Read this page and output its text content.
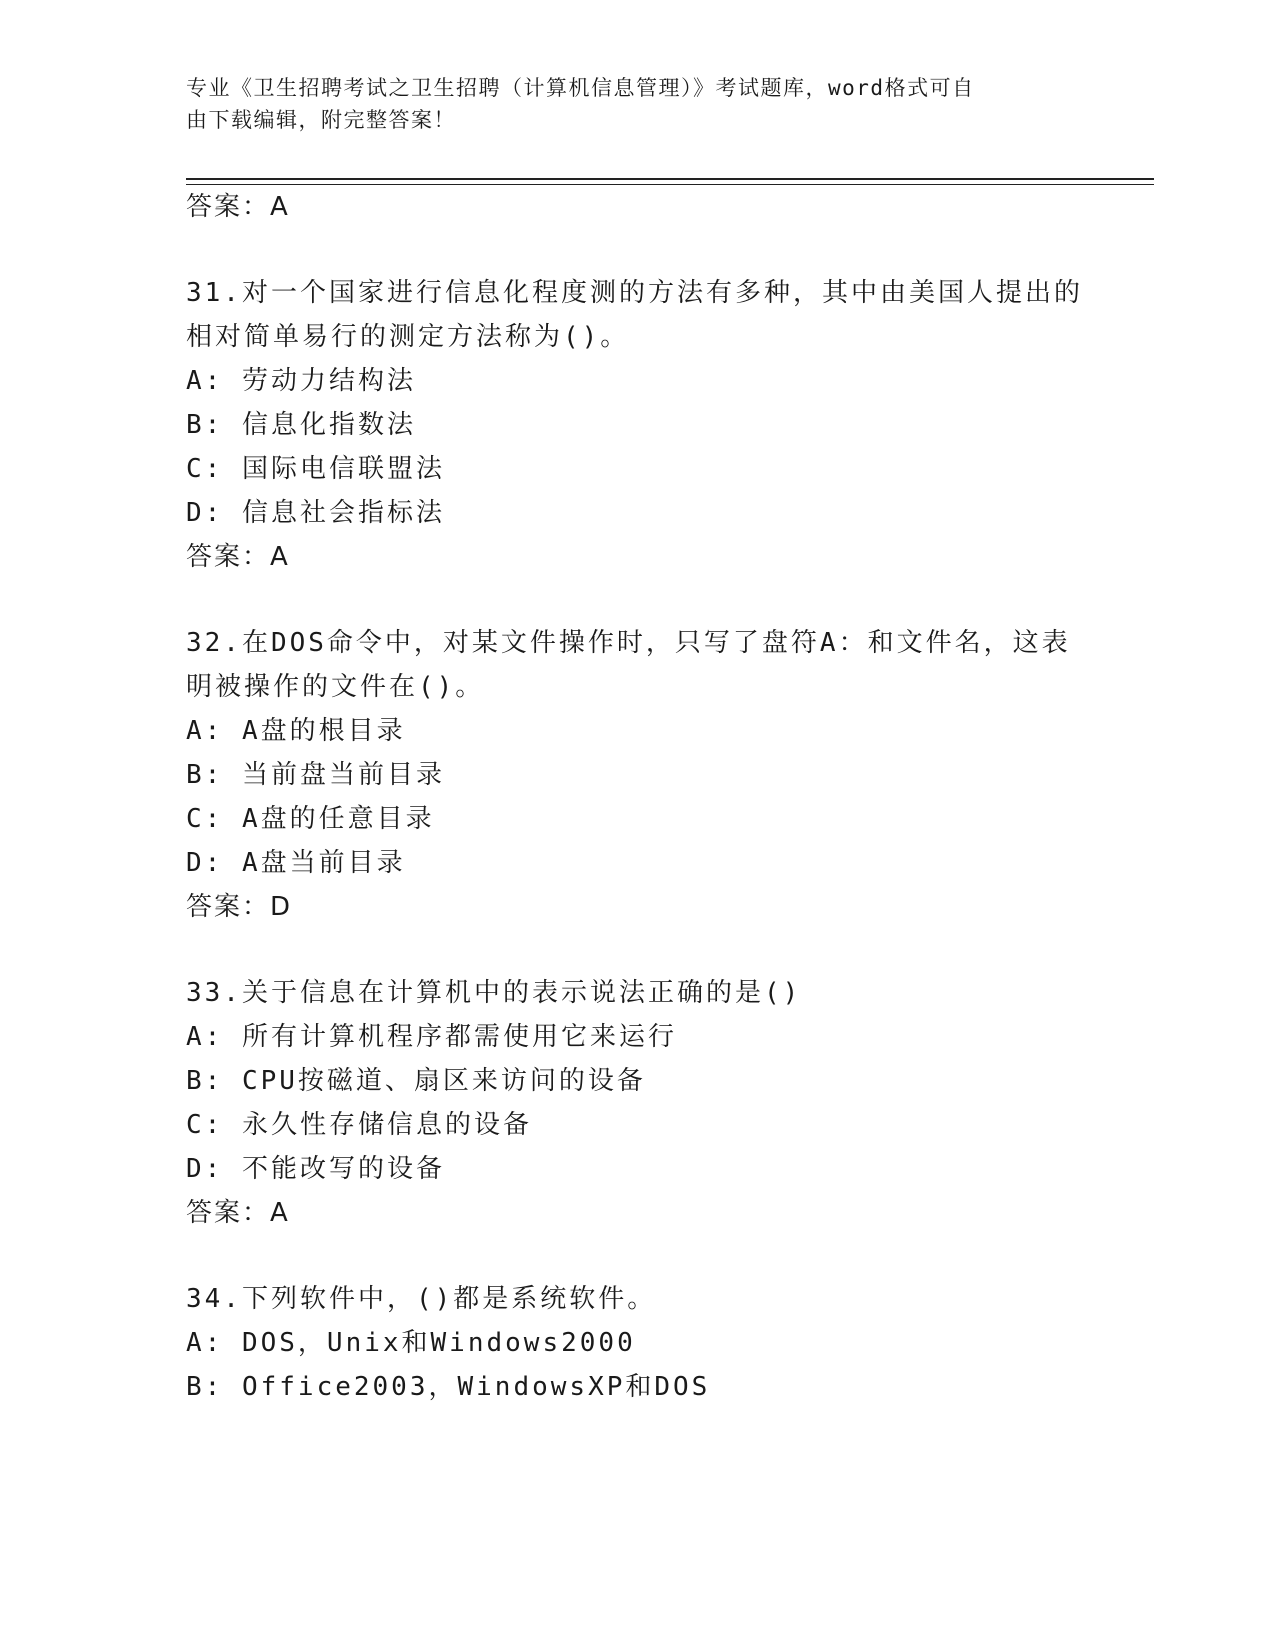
专业《卫生招聘考试之卫生招聘（计算机信息管理）》考试题库，word格式可自
由下载编辑，附完整答案！
答案：A
31.对一个国家进行信息化程度测的方法有多种，其中由美国人提出的
相对简单易行的测定方法称为()。
A: 劳动力结构法
B: 信息化指数法
C: 国际电信联盟法
D: 信息社会指标法
答案：A
32.在DOS命令中，对某文件操作时，只写了盘符A：和文件名，这表
明被操作的文件在()。
A: A盘的根目录
B: 当前盘当前目录
C: A盘的任意目录
D: A盘当前目录
答案：D
33.关于信息在计算机中的表示说法正确的是()
A: 所有计算机程序都需使用它来运行
B: CPU按磁道、扇区来访问的设备
C: 永久性存储信息的设备
D: 不能改写的设备
答案：A
34.下列软件中，()都是系统软件。
A: DOS，Unix和Windows2000
B: Office2003，WindowsXP和DOS
